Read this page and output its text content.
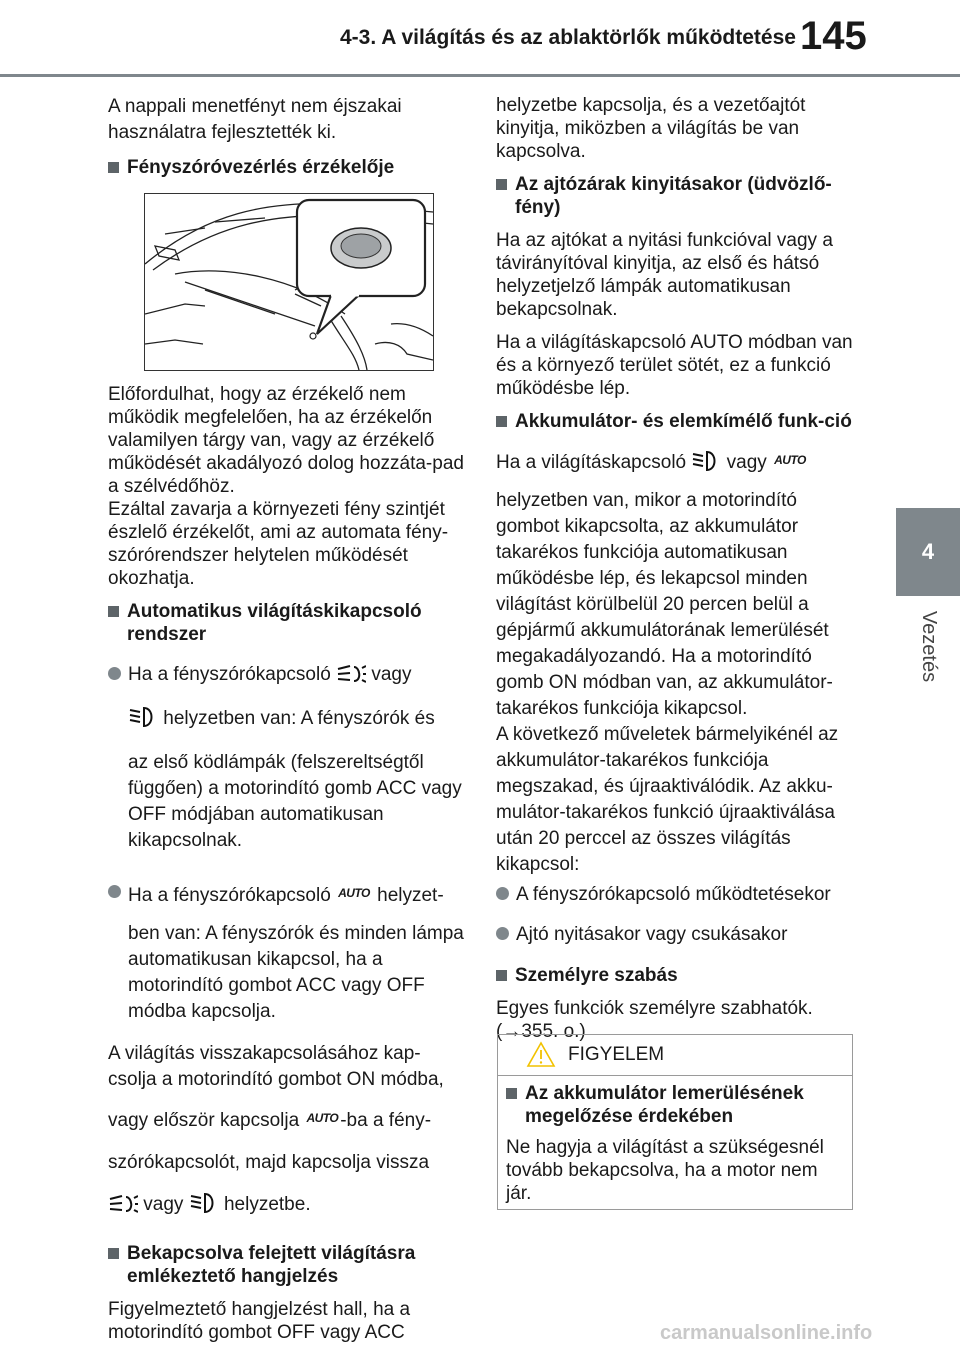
4-3. A világítás és az ablaktörlők működtetése 145
4
Vezetés

A nappali menetfényt nem éjszakai használatra fejlesztették ki.

Fényszóróvezérlés érzékelője

Előfordulhat, hogy az érzékelő nem működik megfelelően, ha az érzékelőn valamilyen tárgy van, vagy az érzékelő működését akadályozó dolog hozzáta-pad a szélvédőhöz.

Ezáltal zavarja a környezeti fény szintjét észlelő érzékelőt, ami az automata fény-szórórendszer helytelen működését okozhatja.

Automatikus világításkikapcsoló rendszer

Ha a fényszórókapcsoló vagy

helyzetben van: A fényszórók és

az első ködlámpák (felszereltségtől függően) a motorindító gomb ACC vagy OFF módjában automatikusan kikapcsolnak.

Ha a fényszórókapcsoló AUTO helyzet-

ben van: A fényszórók és minden lámpa automatikusan kikapcsol, ha a motorindító gombot ACC vagy OFF módba kapcsolja.

A világítás visszakapcsolásához kap-csolja a motorindító gombot ON módba,

vagy először kapcsolja AUTO -ba a fény-

szórókapcsolót, majd kapcsolja vissza

vagy helyzetbe.

Bekapcsolva felejtett világításra emlékeztető hangjelzés

Figyelmeztető hangjelzést hall, ha a motorindító gombot OFF vagy ACC

helyzetbe kapcsolja, és a vezetőajtót kinyitja, miközben a világítás be van kapcsolva.

Az ajtózárak kinyitásakor (üdvözlő-fény)

Ha az ajtókat a nyitási funkcióval vagy a távirányítóval kinyitja, az első és hátsó helyzetjelző lámpák automatikusan bekapcsolnak.

Ha a világításkapcsoló AUTO módban van és a környező terület sötét, ez a funkció működésbe lép.

Akkumulátor- és elemkímélő funk-ció

Ha a világításkapcsoló vagy AUTO

helyzetben van, mikor a motorindító gombot kikapcsolta, az akkumulátor takarékos funkciója automatikusan működésbe lép, és lekapcsol minden világítást körülbelül 20 percen belül a gépjármű akkumulátorának lemerülését megakadályozandó. Ha a motorindító gomb ON módban van, az akkumulátor-takarékos funkciója kikapcsol.

A következő műveletek bármelyikénél az akkumulátor-takarékos funkciója megszakad, és újraaktiválódik. Az akku-mulátor-takarékos funkció újraaktiválása után 20 perccel az összes világítás kikapcsol:

A fényszórókapcsoló működtetésekor

Ajtó nyitásakor vagy csukásakor

Személyre szabás

Egyes funkciók személyre szabhatók. (→355. o.)

FIGYELEM
Az akkumulátor lemerülésének megelőzése érdekében

Ne hagyja a világítást a szükségesnél tovább bekapcsolva, ha a motor nem jár.

carmanualsonline.info
